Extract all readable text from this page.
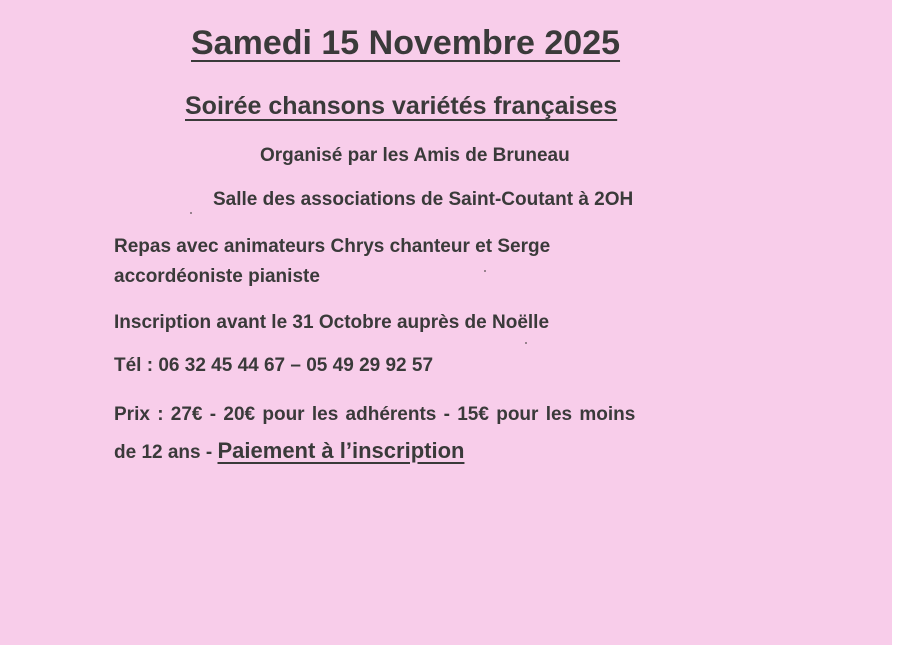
Samedi 15 Novembre 2025
Soirée chansons variétés françaises
Organisé par les Amis de Bruneau
Salle des associations de Saint-Coutant à 2OH
Repas avec animateurs Chrys chanteur et Serge
accordéoniste pianiste
Inscription avant le 31 Octobre auprès de Noëlle
Tél : 06 32 45 44 67 – 05 49 29 92 57
Prix : 27€ - 20€ pour les adhérents - 15€ pour les moins
de 12 ans - Paiement à l’inscription
